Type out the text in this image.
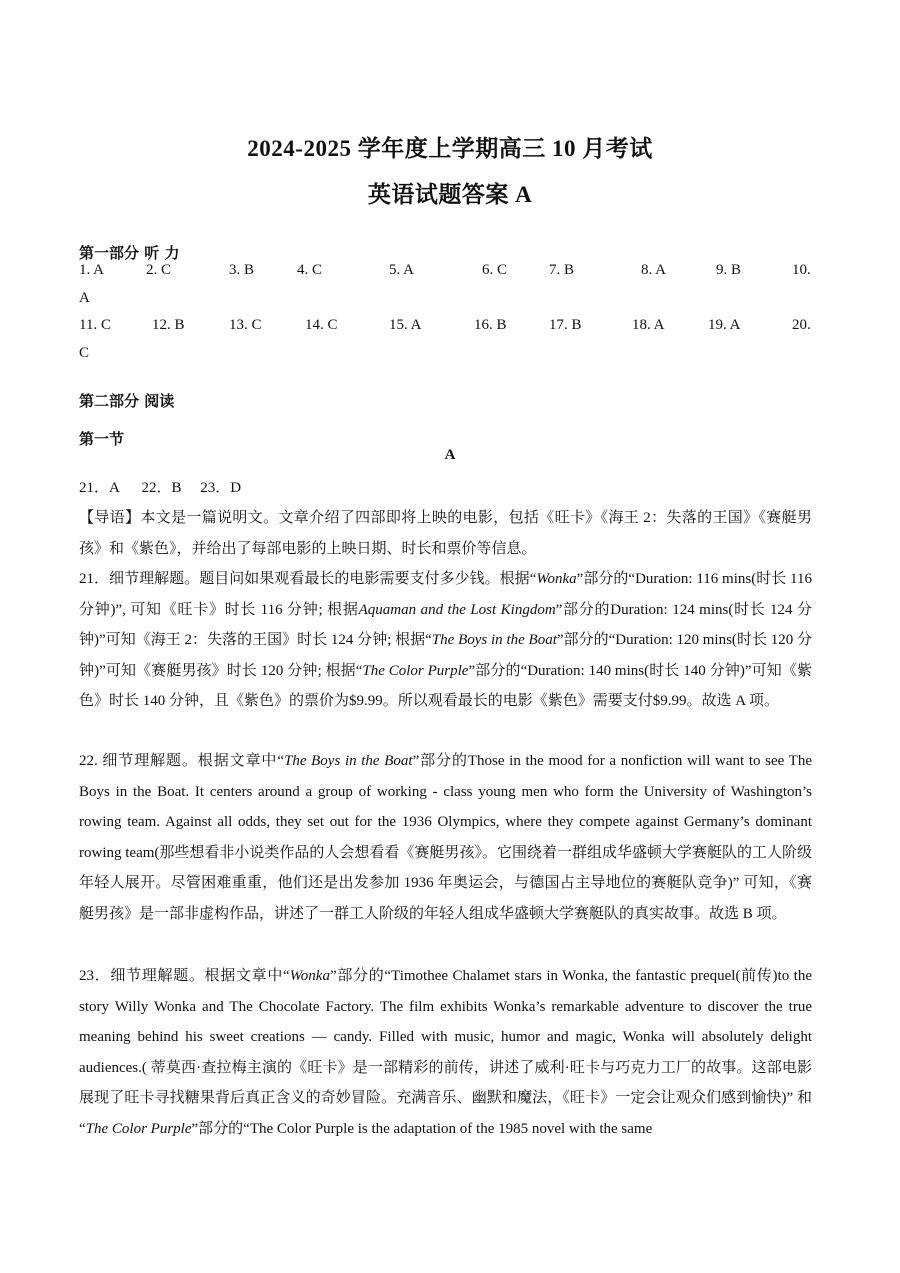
2024-2025 学年度上学期高三 10 月考试
英语试题答案 A
第一部分 听 力
1. A	2. C	3. B	4. C	5. A	6. C	7. B	8. A	9. B	10.
A
11. C	12. B	13. C	14. C	15. A	16. B	17. B	18. A	19. A	20.
C
第二部分 阅读
第一节
A
21．A      22．B     23．D
【导语】本文是一篇说明文。文章介绍了四部即将上映的电影，包括《旺卡》《海王 2：失落的王国》《赛艇男孩》和《紫色》，并给出了每部电影的上映日期、时长和票价等信息。
21．细节理解题。题目问如果观看最长的电影需要支付多少钱。根据“Wonka”部分的“Duration: 116 mins(时长 116 分钟)”, 可知《旺卡》时长 116 分钟; 根据Aquaman and the Lost Kingdom”部分的Duration: 124 mins(时长 124 分钟)”可知《海王 2：失落的王国》时长 124 分钟; 根据“The Boys in the Boat”部分的“Duration: 120 mins(时长 120 分钟)”可知《赛艇男孩》时长 120 分钟; 根据“The Color Purple”部分的“Duration: 140 mins(时长 140 分钟)”可知《紫色》时长 140 分钟，且《紫色》的票价为$9.99。所以观看最长的电影《紫色》需要支付$9.99。故选 A 项。
22. 细节理解题。根据文章中“The Boys in the Boat”部分的Those in the mood for a nonfiction will want to see The Boys in the Boat. It centers around a group of working - class young men who form the University of Washington’s rowing team. Against all odds, they set out for the 1936 Olympics, where they compete against Germany’s dominant rowing team(那些想看非小说类作品的人会想看看《赛艇男孩》。它围绕着一群组成华盛顿大学赛艇队的工人阶级年轻人展开。尽管困难重重，他们还是出发参加 1936 年奥运会，与德国占主导地位的赛艇队竞争)” 可知，《赛艇男孩》是一部非虚构作品，讲述了一群工人阶级的年轻人组成华盛顿大学赛艇队的真实故事。故选 B 项。
23．细节理解题。根据文章中“Wonka”部分的“Timothee Chalamet stars in Wonka, the fantastic prequel(前传)to the story Willy Wonka and The Chocolate Factory. The film exhibits Wonka’s remarkable adventure to discover the true meaning behind his sweet creations — candy. Filled with music, humor and magic, Wonka will absolutely delight audiences.( 蒂莫西·查拉梅主演的《旺卡》是一部精彩的前传，讲述了威利·旺卡与巧克力工厂的故事。这部电影展现了旺卡寻找糖果背后真正含义的奇妙冒险。充满音乐、幽默和魔法，《旺卡》一定会让观众们感到愉快)” 和 “The Color Purple”部分的“The Color Purple is the adaptation of the 1985 novel with the same
